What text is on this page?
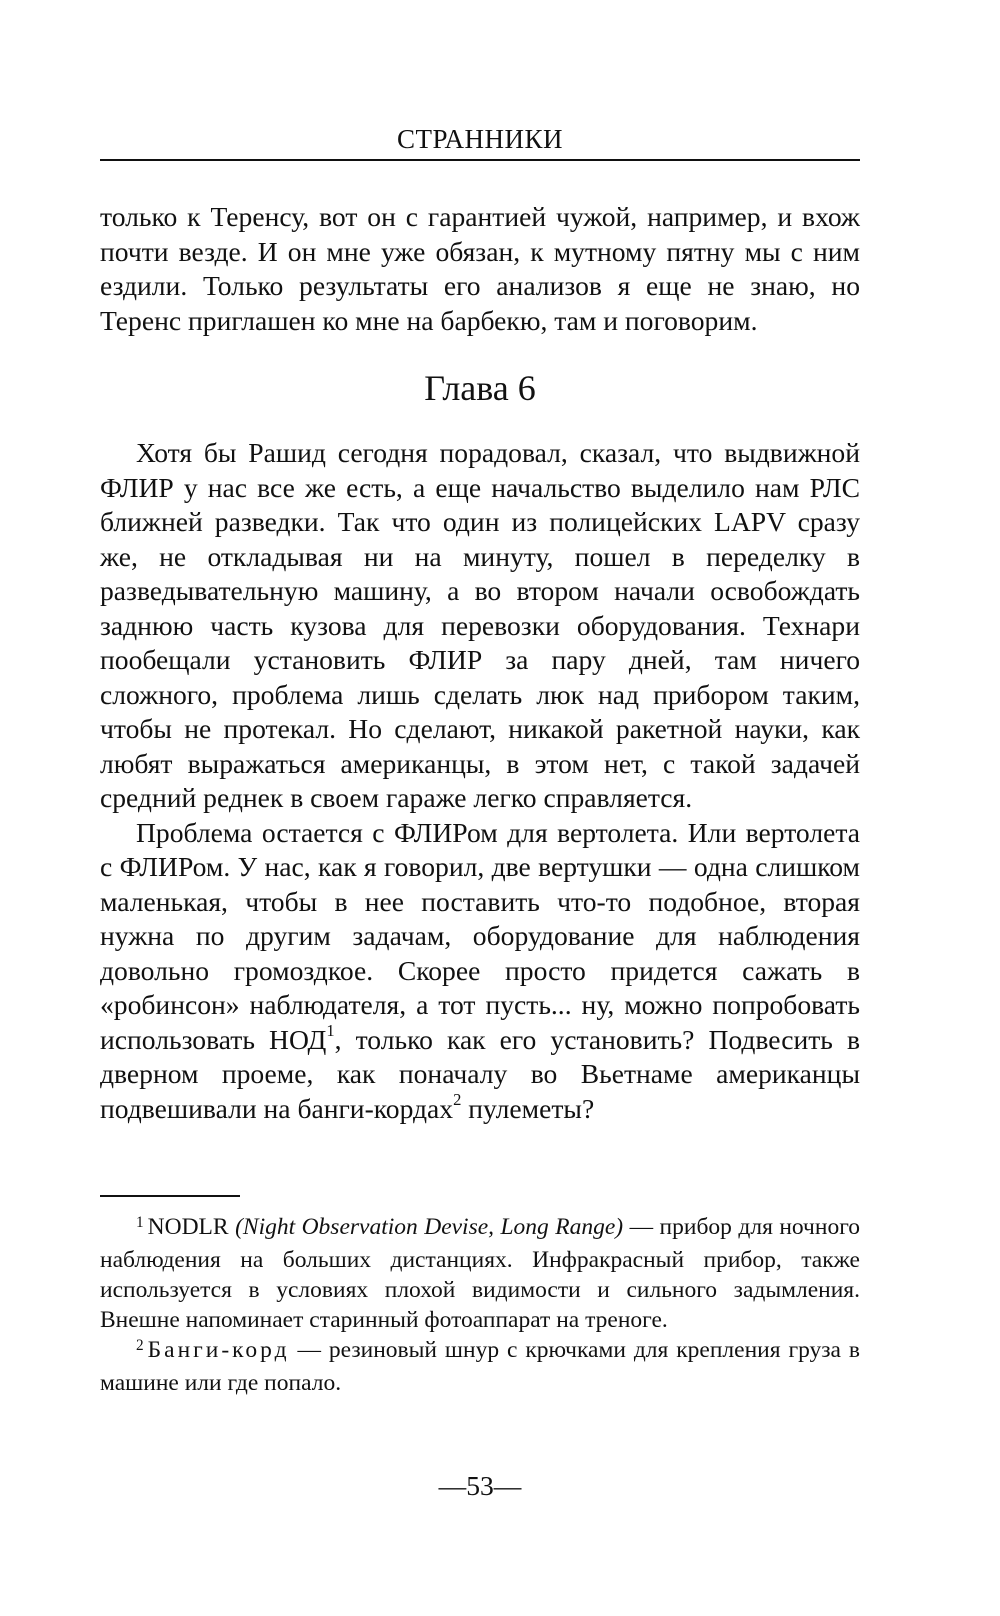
СТРАННИКИ

только к Теренсу, вот он с гарантией чужой, например, и вхож почти везде. И он мне уже обязан, к мутному пятну мы с ним ездили. Только результаты его анализов я еще не знаю, но Теренс приглашен ко мне на барбекю, там и поговорим.

Глава 6

Хотя бы Рашид сегодня порадовал, сказал, что выдвижной ФЛИР у нас все же есть, а еще начальство выделило нам РЛС ближней разведки. Так что один из полицейских LAPV сразу же, не откладывая ни на минуту, пошел в переделку в разведывательную машину, а во втором начали освобождать заднюю часть кузова для перевозки оборудования. Технари пообещали установить ФЛИР за пару дней, там ничего сложного, проблема лишь сделать люк над прибором таким, чтобы не протекал. Но сделают, никакой ракетной науки, как любят выражаться американцы, в этом нет, с такой задачей средний реднек в своем гараже легко справляется.

Проблема остается с ФЛИРом для вертолета. Или вертолета с ФЛИРом. У нас, как я говорил, две вертушки — одна слишком маленькая, чтобы в нее поставить что-то подобное, вторая нужна по другим задачам, оборудование для наблюдения довольно громоздкое. Скорее просто придется сажать в «робинсон» наблюдателя, а тот пусть... ну, можно попробовать использовать НОД$^1$, только как его установить? Подвесить в дверном проеме, как поначалу во Вьетнаме американцы подвешивали на банги-кордах$^2$ пулеметы?

$^1$ NODLR (Night Observation Devise, Long Range) — прибор для ночного наблюдения на больших дистанциях. Инфракрасный прибор, также используется в условиях плохой видимости и сильного задымления. Внешне напоминает старинный фотоаппарат на треноге.

$^2$ Банги-корд — резиновый шнур с крючками для крепления груза в машине или где попало.

—53—
